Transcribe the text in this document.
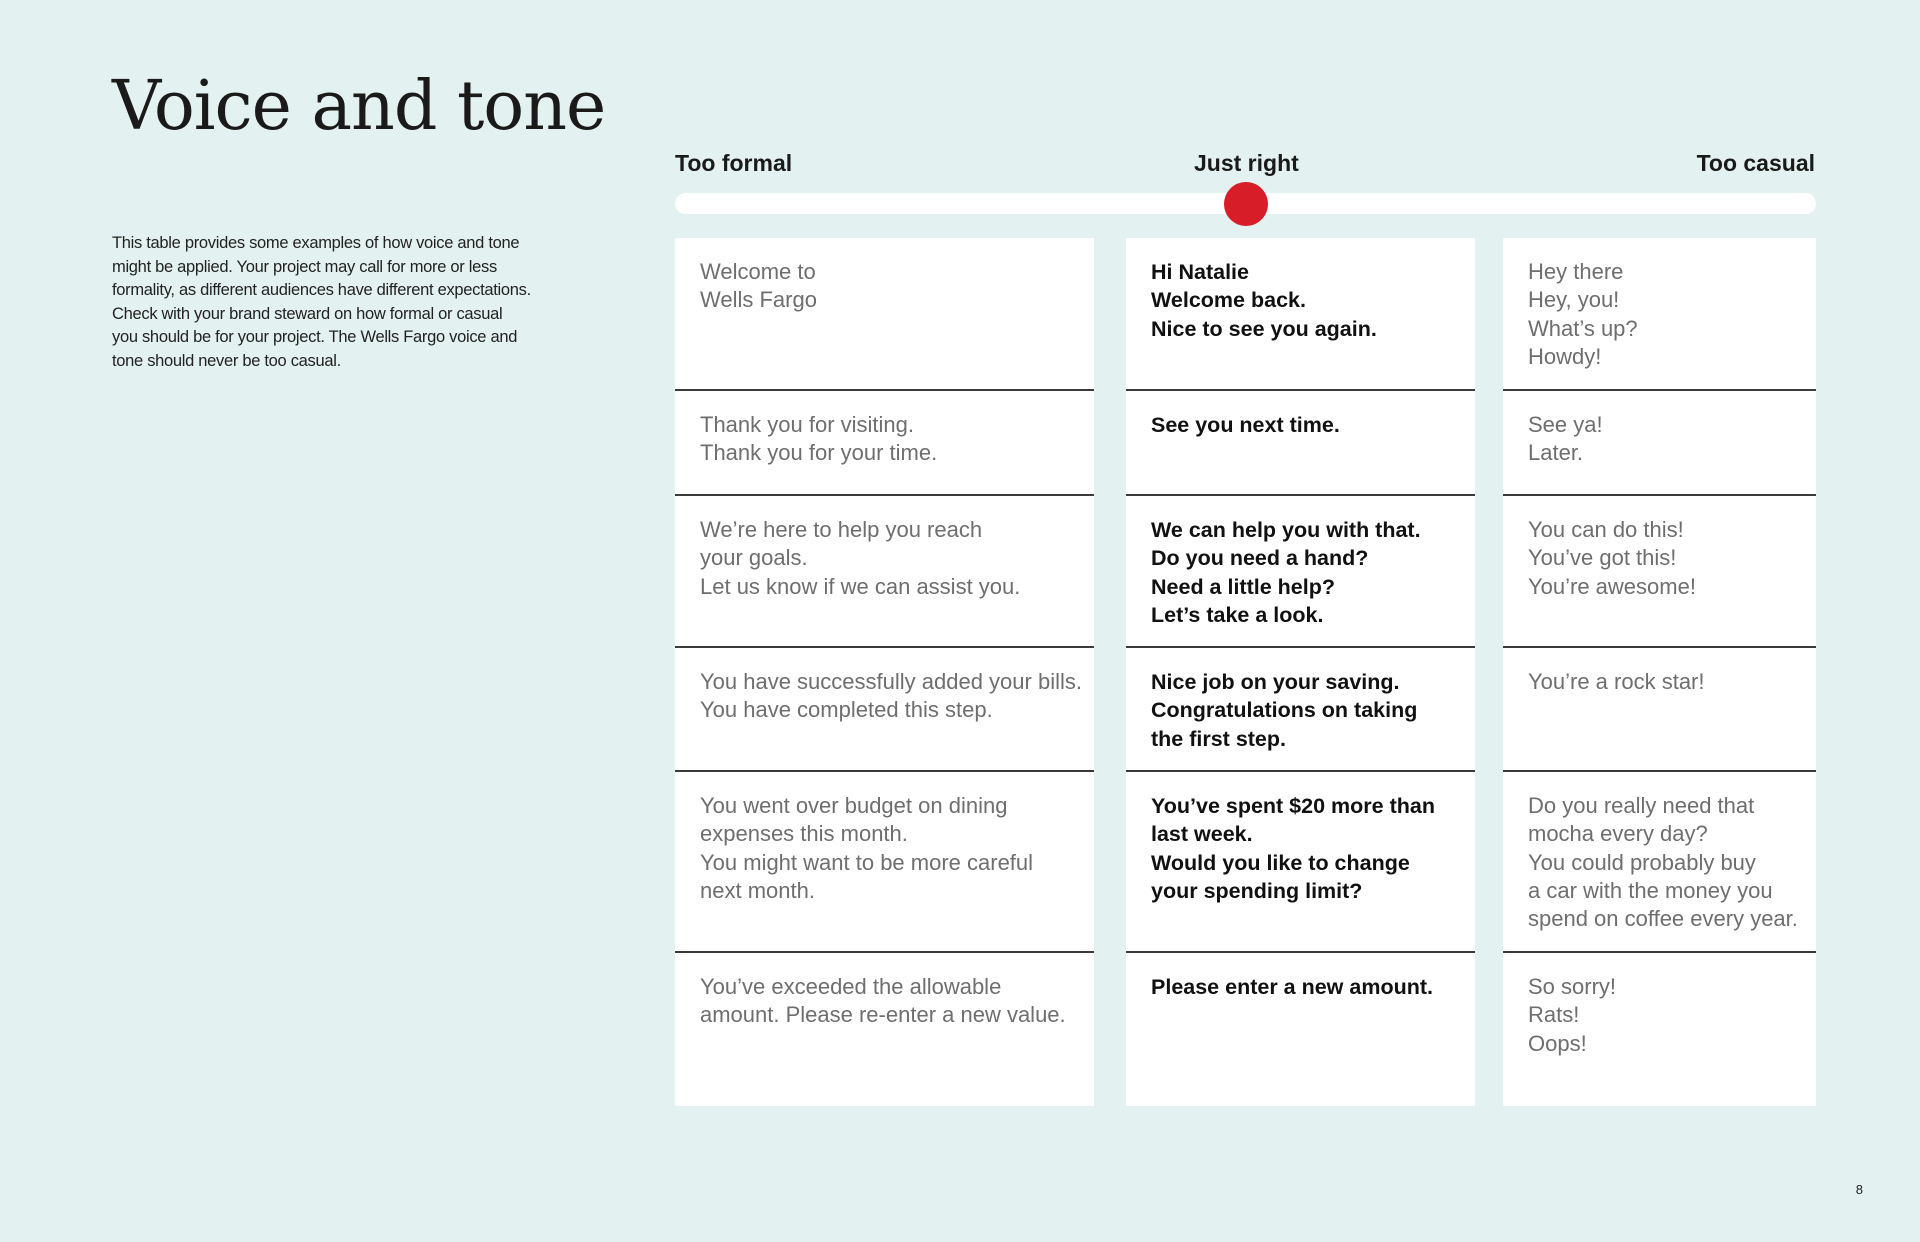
Voice and tone

This table provides some examples of how voice and tone might be applied. Your project may call for more or less formality, as different audiences have different expectations. Check with your brand steward on how formal or casual you should be for your project. The Wells Fargo voice and tone should never be too casual.

Too formal	Just right	Too casual
Welcome to
Wells Fargo
Thank you for visiting.
Thank you for your time.
We’re here to help you reach
your goals.
Let us know if we can assist you.
You have successfully added your bills.
You have completed this step.
You went over budget on dining
expenses this month.
You might want to be more careful
next month.
You’ve exceeded the allowable
amount. Please re-enter a new value.
Hi Natalie
Welcome back.
Nice to see you again.
See you next time.
We can help you with that.
Do you need a hand?
Need a little help?
Let’s take a look.
Nice job on your saving.
Congratulations on taking
the first step.
You’ve spent $20 more than
last week.
Would you like to change
your spending limit?
Please enter a new amount.
Hey there
Hey, you!
What’s up?
Howdy!
See ya!
Later.
You can do this!
You’ve got this!
You’re awesome!
You’re a rock star!
Do you really need that
mocha every day?
You could probably buy
a car with the money you
spend on coffee every year.
So sorry!
Rats!
Oops!
8
